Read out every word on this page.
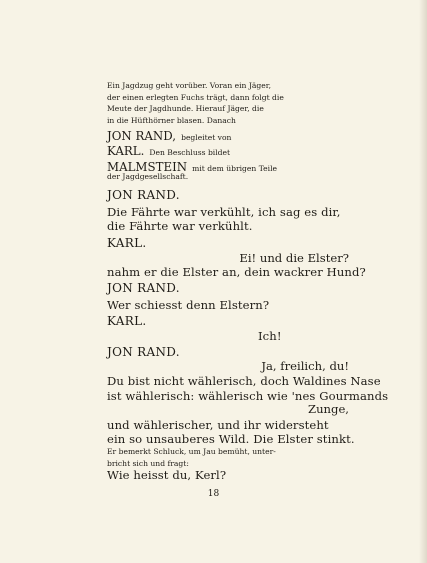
Ein Jagdzug geht vorüber. Voran ein Jäger,

der einen erlegten Fuchs trägt, dann folgt die

Meute der Jagdhunde. Hierauf Jäger, die

in die Hüfthörner blasen. Danach

JON RAND, begleitet von

KARL. Den Beschluss bildet

MALMSTEIN mit dem übrigen Teile

der Jagdgesellschaft.

JON RAND.
Die Fährte war verkühlt, ich sag es dir,
die Fährte war verkühlt.
KARL.
Ei! und die Elster?
nahm er die Elster an, dein wackrer Hund?
JON RAND.
Wer schiesst denn Elstern?
KARL.
Ich!
JON RAND.
Ja, freilich, du!
Du bist nicht wählerisch, doch Waldines Nase
ist wählerisch: wählerisch wie 'nes Gourmands
Zunge,
und wählerischer, und ihr widersteht
ein so unsauberes Wild. Die Elster stinkt.

Er bemerkt Schluck, um Jau bemüht, unter-

bricht sich und fragt:

Wie heisst du, Kerl?
18
